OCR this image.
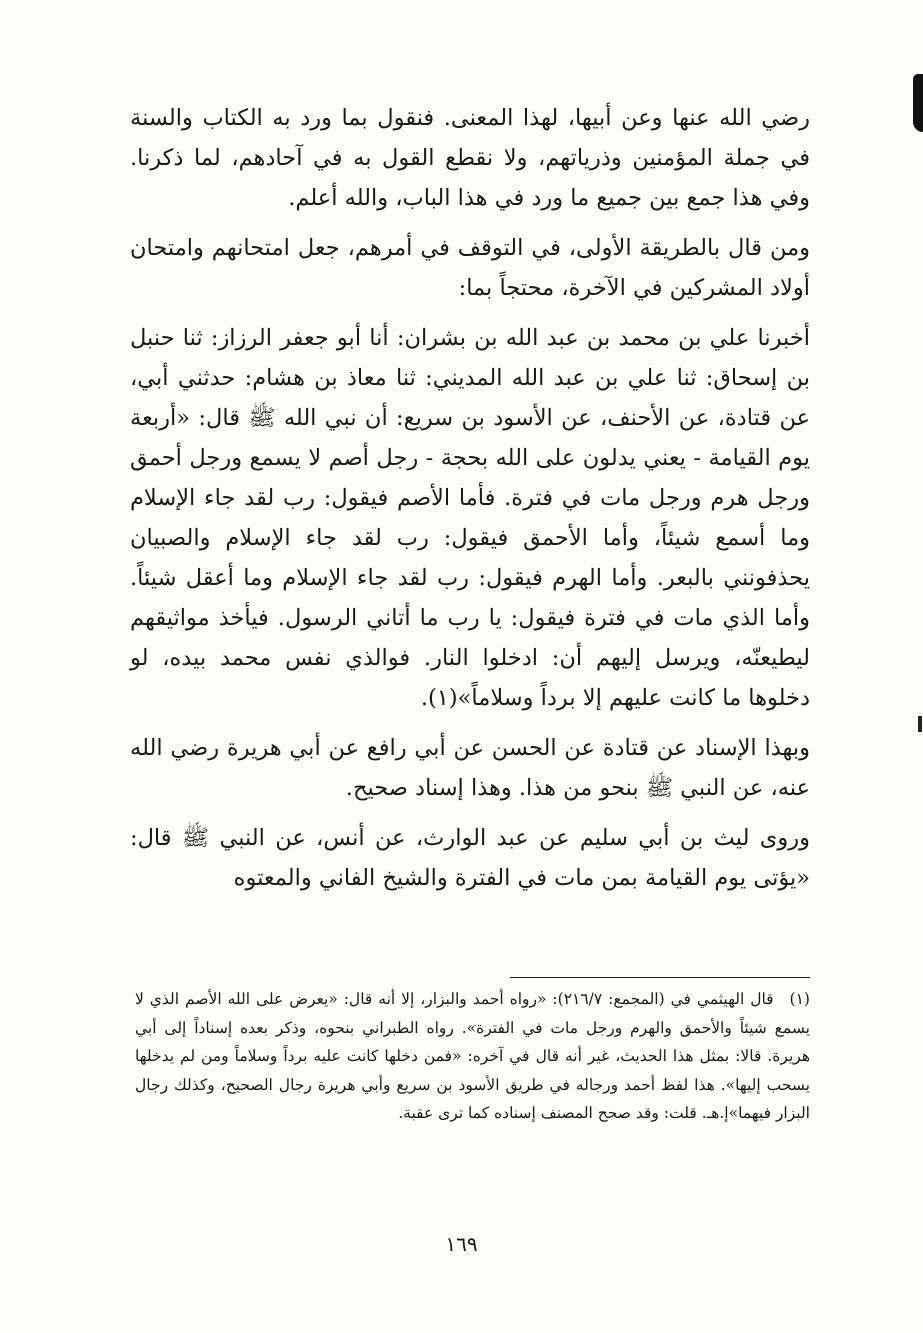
رضي الله عنها وعن أبيها، لهذا المعنى. فنقول بما ورد به الكتاب والسنة في جملة المؤمنين وذرياتهم، ولا نقطع القول به في آحادهم، لما ذكرنا. وفي هذا جمع بين جميع ما ورد في هذا الباب، والله أعلم.

ومن قال بالطريقة الأولى، في التوقف في أمرهم، جعل امتحانهم وامتحان أولاد المشركين في الآخرة، محتجاً بما:

أخبرنا علي بن محمد بن عبد الله بن بشران: أنا أبو جعفر الرزاز: ثنا حنبل بن إسحاق: ثنا علي بن عبد الله المديني: ثنا معاذ بن هشام: حدثني أبي، عن قتادة، عن الأحنف، عن الأسود بن سريع: أن نبي الله ﷺ قال: «أربعة يوم القيامة - يعني يدلون على الله بحجة - رجل أصم لا يسمع ورجل أحمق ورجل هرم ورجل مات في فترة. فأما الأصم فيقول: رب لقد جاء الإسلام وما أسمع شيئاً، وأما الأحمق فيقول: رب لقد جاء الإسلام والصبيان يحذفونني بالبعر. وأما الهرم فيقول: رب لقد جاء الإسلام وما أعقل شيئاً. وأما الذي مات في فترة فيقول: يا رب ما أتاني الرسول. فيأخذ مواثيقهم ليطيعنّه، ويرسل إليهم أن: ادخلوا النار. فوالذي نفس محمد بيده، لو دخلوها ما كانت عليهم إلا برداً وسلاماً»(١).

وبهذا الإسناد عن قتادة عن الحسن عن أبي رافع عن أبي هريرة رضي الله عنه، عن النبي ﷺ بنحو من هذا. وهذا إسناد صحيح.

وروى ليث بن أبي سليم عن عبد الوارث، عن أنس، عن النبي ﷺ قال: «يؤتى يوم القيامة بمن مات في الفترة والشيخ الفاني والمعتوه

(١) قال الهيثمي في (المجمع: ٢١٦/٧): «رواه أحمد والبزار، إلا أنه قال: «يعرض على الله الأصم الذي لا يسمع شيئاً والأحمق والهرم ورجل مات في الفترة». رواه الطبراني بنحوه، وذكر بعده إسناداً إلى أبي هريرة. قالا: بمثل هذا الحديث، غير أنه قال في آخره: «فمن دخلها كانت عليه برداً وسلاماً ومن لم يدخلها يسحب إليها». هذا لفظ أحمد ورجاله في طريق الأسود بن سريع وأبي هريرة رجال الصحيح، وكذلك رجال البزار فيهما»إ.هـ. قلت: وقد صحح المصنف إسناده كما ترى عقبة.
١٦٩
